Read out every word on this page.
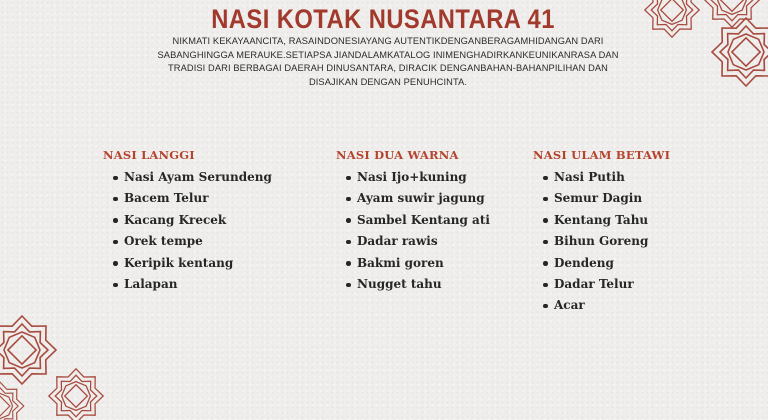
NASI KOTAK NUSANTARA 41

NIKMATI KEKAYAANCITA, RASAINDONESIAYANG AUTENTIKDENGANBERAGAMHIDANGAN DARI SABANGHINGGA MERAUKE.SETIAPSA JIANDALAMKATALOG INIMENGHADIRKANKEUNIKANRASA DAN TRADISI DARI BERBAGAI DAERAH DINUSANTARA, DIRACIK DENGANBAHAN-BAHANPILIHAN DAN DISAJIKAN DENGAN PENUHCINTA.

NASI LANGGI
Nasi Ayam Serundeng
Bacem Telur
Kacang Krecek
Orek tempe
Keripik kentang
Lalapan
NASI DUA WARNA
Nasi Ijo+kuning
Ayam suwir jagung
Sambel Kentang ati
Dadar rawis
Bakmi goren
Nugget tahu
NASI ULAM BETAWI
Nasi Putih
Semur Dagin
Kentang Tahu
Bihun Goreng
Dendeng
Dadar Telur
Acar
